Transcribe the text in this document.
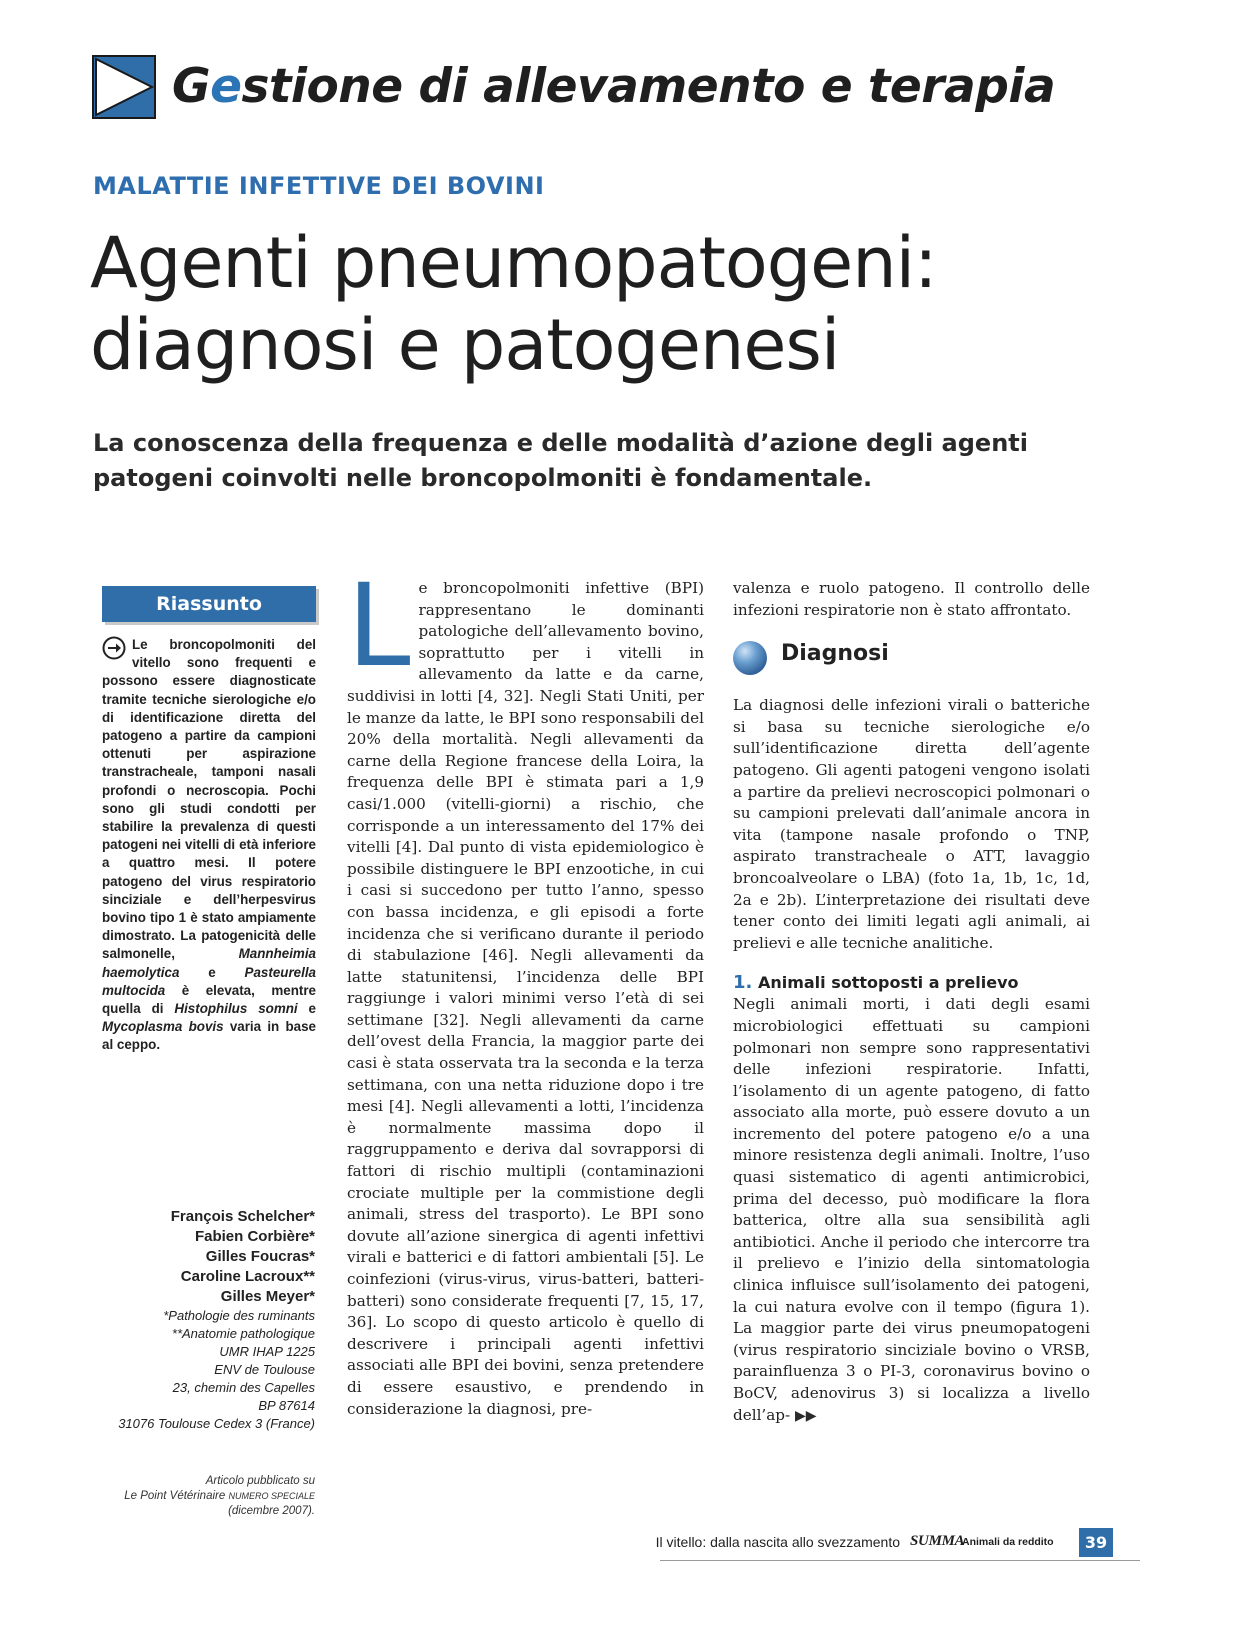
Gestione di allevamento e terapia
MALATTIE INFETTIVE DEI BOVINI
Agenti pneumopatogeni:
diagnosi e patogenesi

La conoscenza della frequenza e delle modalità d’azione degli agenti patogeni coinvolti nelle broncopolmoniti è fondamentale.

Riassunto
Le broncopolmoniti del vitello sono frequenti e possono essere diagnosticate tramite tecniche sierologiche e/o di identificazione diretta del patogeno a partire da campioni ottenuti per aspirazione transtracheale, tamponi nasali profondi o necroscopia. Pochi sono gli studi condotti per stabilire la prevalenza di questi patogeni nei vitelli di età inferiore a quattro mesi. Il potere patogeno del virus respiratorio sinciziale e dell’herpesvirus bovino tipo 1 è stato ampiamente dimostrato. La patogenicità delle salmonelle, Mannheimia haemolytica e Pasteurella multocida è elevata, mentre quella di Histophilus somni e Mycoplasma bovis varia in base al ceppo.
François Schelcher*
Fabien Corbière*
Gilles Foucras*
Caroline Lacroux**
Gilles Meyer*
*Pathologie des ruminants
**Anatomie pathologique
UMR IHAP 1225
ENV de Toulouse
23, chemin des Capelles
BP 87614
31076 Toulouse Cedex 3 (France)
Articolo pubblicato su
Le Point Vétérinaire NUMERO SPECIALE
(dicembre 2007).
L e broncopolmoniti infettive (BPI) rappresentano le dominanti patologiche dell’allevamento bovino, soprattutto per i vitelli in allevamento da latte e da carne, suddivisi in lotti [4, 32]. Negli Stati Uniti, per le manze da latte, le BPI sono responsabili del 20% della mortalità. Negli allevamenti da carne della Regione francese della Loira, la frequenza delle BPI è stimata pari a 1,9 casi/1.000 (vitelli-giorni) a rischio, che corrisponde a un interessamento del 17% dei vitelli [4]. Dal punto di vista epidemiologico è possibile distinguere le BPI enzootiche, in cui i casi si succedono per tutto l’anno, spesso con bassa incidenza, e gli episodi a forte incidenza che si verificano durante il periodo di stabulazione [46]. Negli allevamenti da latte statunitensi, l’incidenza delle BPI raggiunge i valori minimi verso l’età di sei settimane [32]. Negli allevamenti da carne dell’ovest della Francia, la maggior parte dei casi è stata osservata tra la seconda e la terza settimana, con una netta riduzione dopo i tre mesi [4]. Negli allevamenti a lotti, l’incidenza è normalmente massima dopo il raggruppamento e deriva dal sovrapporsi di fattori di rischio multipli (contaminazioni crociate multiple per la commistione degli animali, stress del trasporto). Le BPI sono dovute all’azione sinergica di agenti infettivi virali e batterici e di fattori ambientali [5]. Le coinfezioni (virus-virus, virus-batteri, batteri-batteri) sono considerate frequenti [7, 15, 17, 36]. Lo scopo di questo articolo è quello di descrivere i principali agenti infettivi associati alle BPI dei bovini, senza pretendere di essere esaustivo, e prendendo in considerazione la diagnosi, pre-

valenza e ruolo patogeno. Il controllo delle infezioni respiratorie non è stato affrontato.

Diagnosi

La diagnosi delle infezioni virali o batteriche si basa su tecniche sierologiche e/o sull’identificazione diretta dell’agente patogeno. Gli agenti patogeni vengono isolati a partire da prelievi necroscopici polmonari o su campioni prelevati dall’animale ancora in vita (tampone nasale profondo o TNP, aspirato transtracheale o ATT, lavaggio broncoalveolare o LBA) (foto 1a, 1b, 1c, 1d, 2a e 2b). L’interpretazione dei risultati deve tener conto dei limiti legati agli animali, ai prelievi e alle tecniche analitiche.

1. Animali sottoposti a prelievo

Negli animali morti, i dati degli esami microbiologici effettuati su campioni polmonari non sempre sono rappresentativi delle infezioni respiratorie. Infatti, l’isolamento di un agente patogeno, di fatto associato alla morte, può essere dovuto a un incremento del potere patogeno e/o a una minore resistenza degli animali. Inoltre, l’uso quasi sistematico di agenti antimicrobici, prima del decesso, può modificare la flora batterica, oltre alla sua sensibilità agli antibiotici. Anche il periodo che intercorre tra il prelievo e l’inizio della sintomatologia clinica influisce sull’isolamento dei patogeni, la cui natura evolve con il tempo (figura 1). La maggior parte dei virus pneumopatogeni (virus respiratorio sinciziale bovino o VRSB, parainfluenza 3 o PI-3, coronavirus bovino o BoCV, adenovirus 3) si localizza a livello dell’ap- ▶▶

Il vitello: dalla nascita allo svezzamento SUMMA
Animali da reddito	39
